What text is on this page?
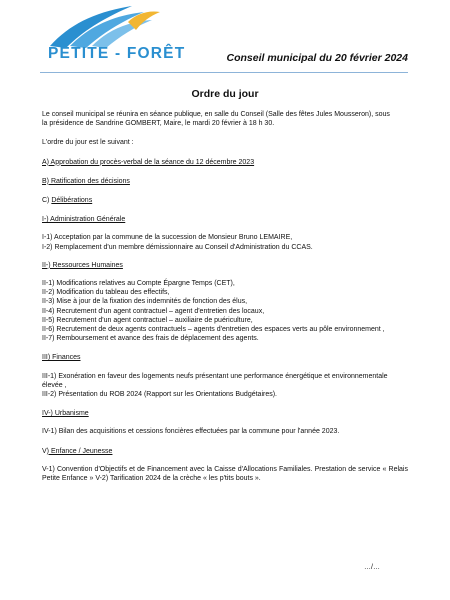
PETITE - FORÊT	Conseil municipal du 20 février 2024
Ordre du jour
Le conseil municipal se réunira en séance publique, en salle du Conseil (Salle des fêtes Jules Mousseron), sous
la présidence de Sandrine GOMBERT, Maire, le mardi 20 février à 18 h 30.
L'ordre du jour est le suivant :
A) Approbation du procès-verbal de la séance du 12 décembre 2023
B) Ratification des décisions
C) Délibérations
I-) Administration Générale
I-1) Acceptation par la commune de la succession de Monsieur Bruno LEMAIRE,
I-2) Remplacement d'un membre démissionnaire au Conseil d'Administration du CCAS.
II-) Ressources Humaines
II-1) Modifications relatives au Compte Épargne Temps (CET),
II-2) Modification du tableau des effectifs,
II-3) Mise à jour de la fixation des indemnités de fonction des élus,
II-4) Recrutement d'un agent contractuel – agent d'entretien des locaux,
II-5) Recrutement d'un agent contractuel – auxiliaire de puériculture,
II-6) Recrutement de deux agents contractuels – agents d'entretien des espaces verts au pôle environnement ,
II-7) Remboursement et avance des frais de déplacement des agents.
III) Finances
III-1) Exonération en faveur des logements neufs présentant une performance énergétique et environnementale élevée ,
III-2) Présentation du ROB 2024 (Rapport sur les Orientations Budgétaires).
IV-) Urbanisme
IV-1) Bilan des acquisitions et cessions foncières effectuées par la commune pour l'année 2023.
V) Enfance / Jeunesse
V-1) Convention d'Objectifs et de Financement avec la Caisse d'Allocations Familiales. Prestation de service « Relais Petite Enfance » V-2) Tarification 2024 de la crèche « les p'tits bouts ».
…/…
